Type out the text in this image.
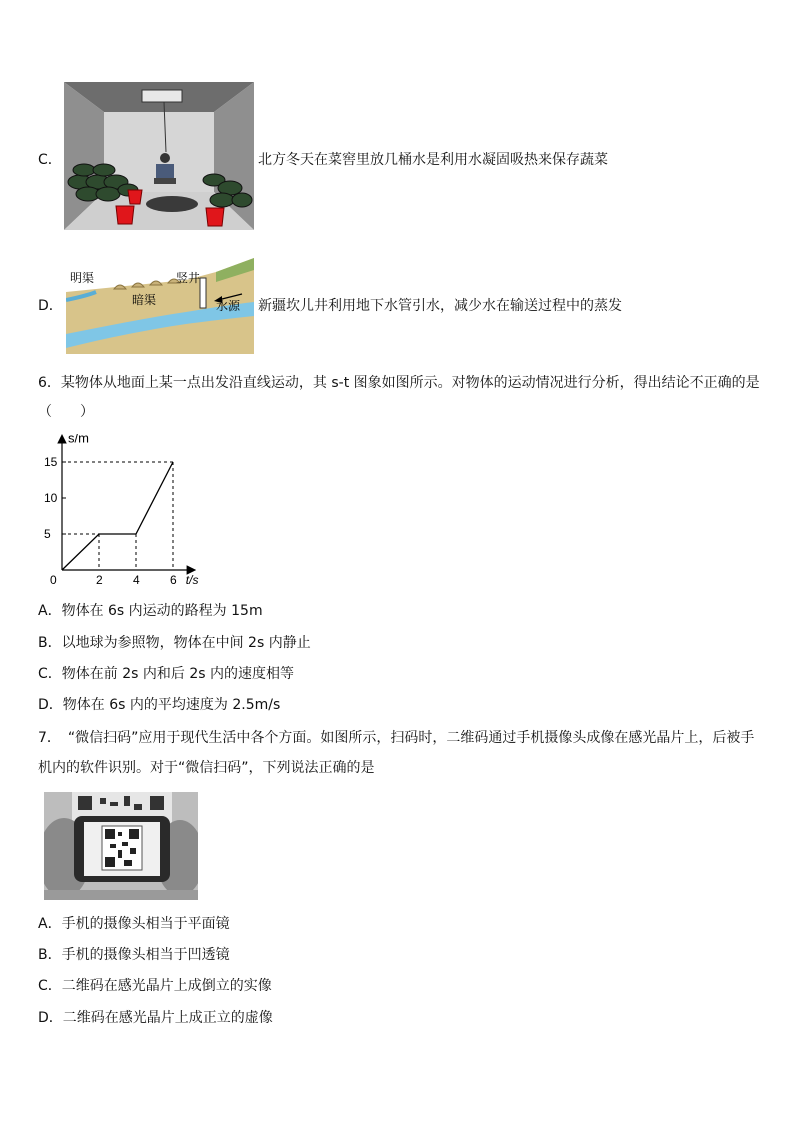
C．	北方冬天在菜窖里放几桶水是利用水凝固吸热来保存蔬菜
D．
明渠	竖井
暗渠	水源 新疆坎儿井利用地下水管引水，减少水在输送过程中的蒸发
6．某物体从地面上某一点出发沿直线运动，其 s-t 图象如图所示。对物体的运动情况进行分析，得出结论不正确的是
（　　）
s/m
t/s
0	2	4	6
5
10
15
A．物体在 6s 内运动的路程为 15m
B．以地球为参照物，物体在中间 2s 内静止
C．物体在前 2s 内和后 2s 内的速度相等
D．物体在 6s 内的平均速度为 2.5m/s
7．　“微信扫码”应用于现代生活中各个方面。如图所示，扫码时，二维码通过手机摄像头成像在感光晶片上，后被手
机内的软件识别。对于“微信扫码”，下列说法正确的是
A．手机的摄像头相当于平面镜
B．手机的摄像头相当于凹透镜
C．二维码在感光晶片上成倒立的实像
D．二维码在感光晶片上成正立的虚像
